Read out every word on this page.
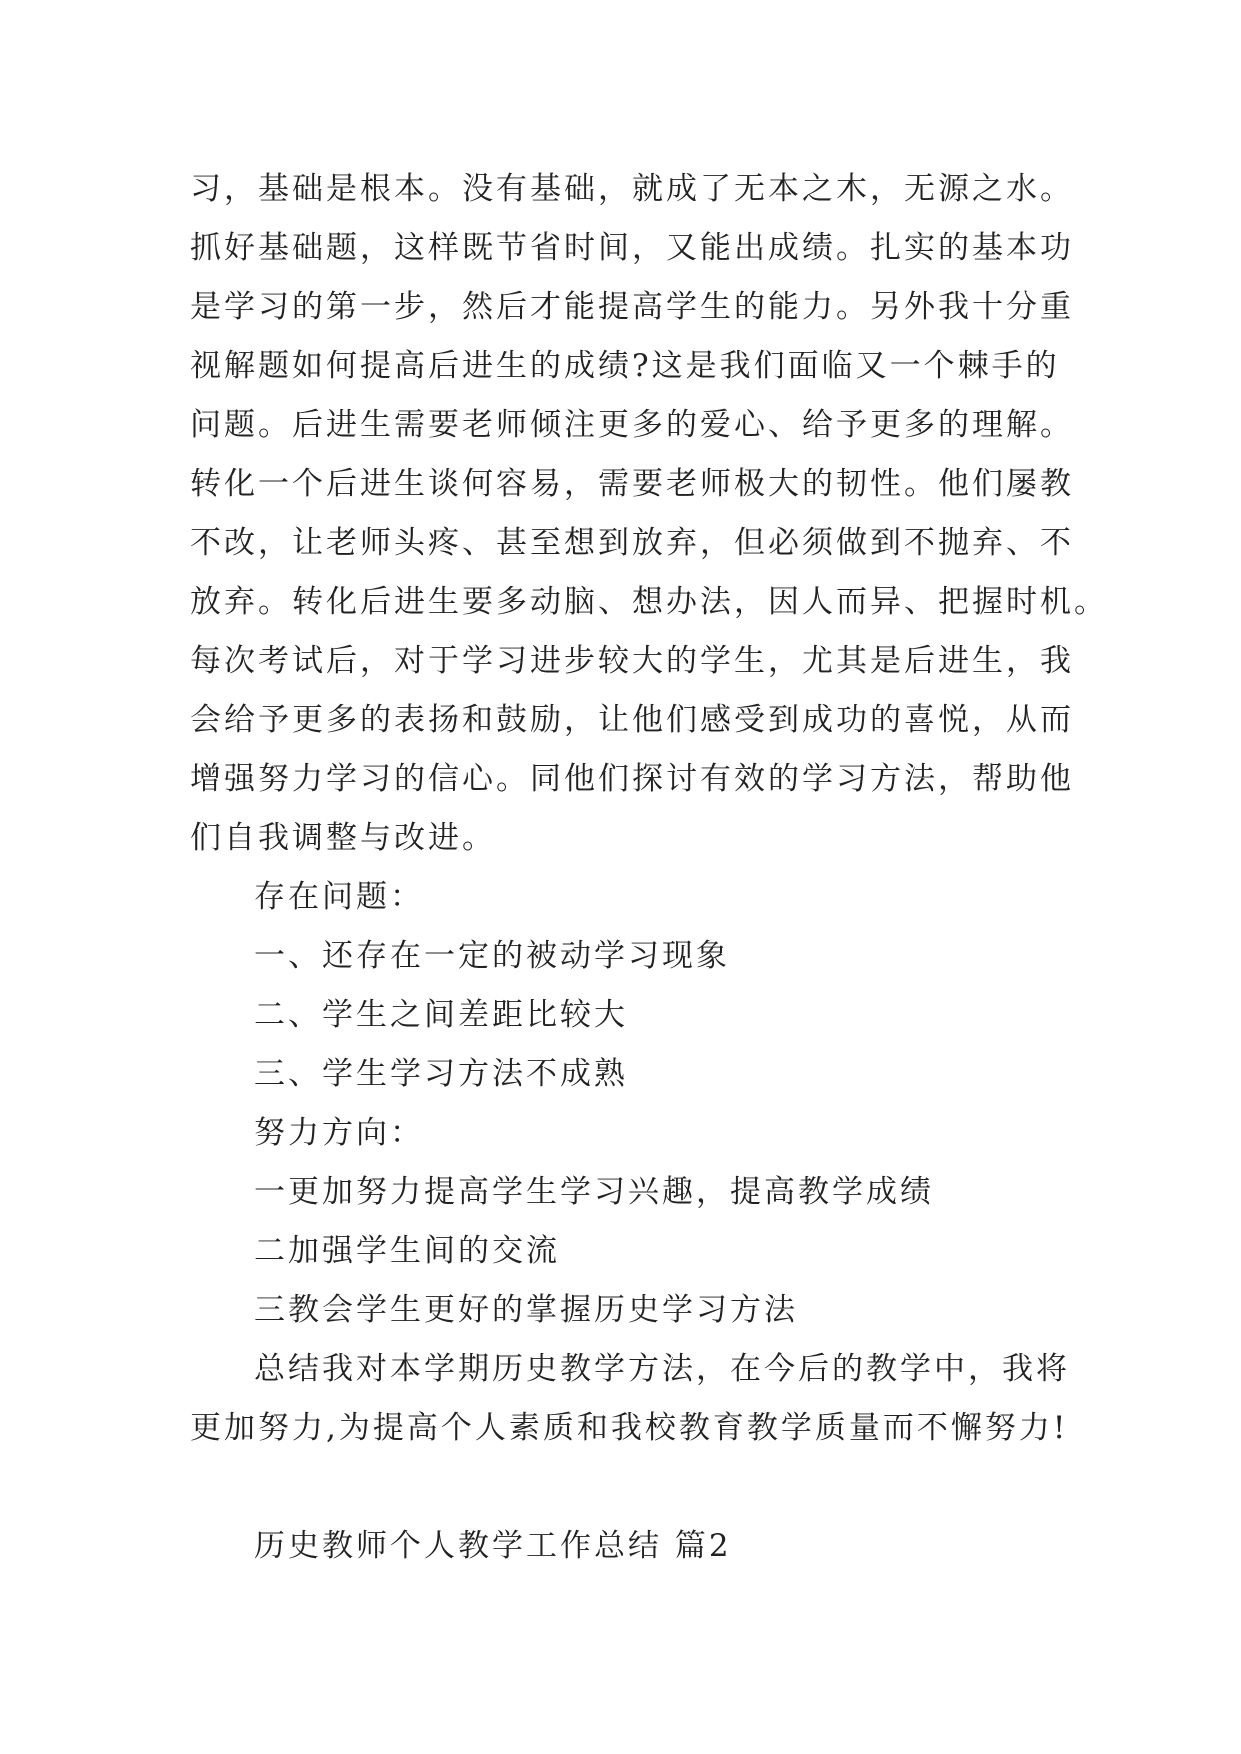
习，基础是根本。没有基础，就成了无本之木，无源之水。

抓好基础题，这样既节省时间，又能出成绩。扎实的基本功

是学习的第一步，然后才能提高学生的能力。另外我十分重

视解题如何提高后进生的成绩?这是我们面临又一个棘手的

问题。后进生需要老师倾注更多的爱心、给予更多的理解。

转化一个后进生谈何容易，需要老师极大的韧性。他们屡教

不改，让老师头疼、甚至想到放弃，但必须做到不抛弃、不

放弃。转化后进生要多动脑、想办法，因人而异、把握时机。

每次考试后，对于学习进步较大的学生，尤其是后进生，我

会给予更多的表扬和鼓励，让他们感受到成功的喜悦，从而

增强努力学习的信心。同他们探讨有效的学习方法，帮助他

们自我调整与改进。

存在问题：

一、还存在一定的被动学习现象

二、学生之间差距比较大

三、学生学习方法不成熟

努力方向：

一更加努力提高学生学习兴趣，提高教学成绩

二加强学生间的交流

三教会学生更好的掌握历史学习方法

总结我对本学期历史教学方法，在今后的教学中，我将

更加努力,为提高个人素质和我校教育教学质量而不懈努力!

历史教师个人教学工作总结 篇2
